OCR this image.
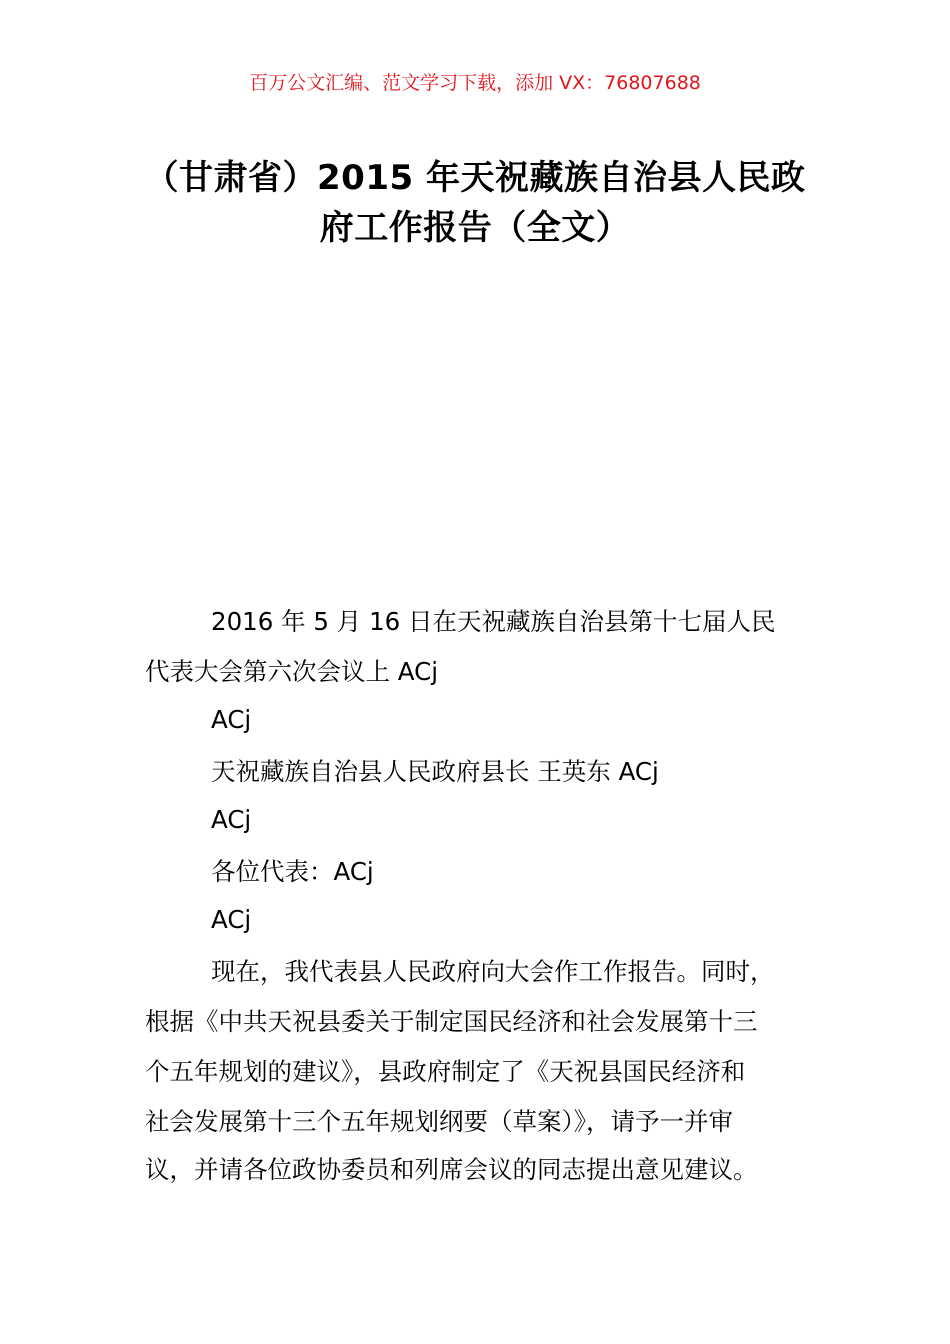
百万公文汇编、范文学习下载，添加 VX：76807688
（甘肃省）2015 年天祝藏族自治县人民政
府工作报告（全文）
2016 年 5 月 16 日在天祝藏族自治县第十七届人民
代表大会第六次会议上 ACj
ACj
天祝藏族自治县人民政府县长 王英东 ACj
ACj
各位代表：ACj
ACj
现在，我代表县人民政府向大会作工作报告。同时，
根据《中共天祝县委关于制定国民经济和社会发展第十三
个五年规划的建议》，县政府制定了《天祝县国民经济和
社会发展第十三个五年规划纲要（草案）》，请予一并审
议，并请各位政协委员和列席会议的同志提出意见建议。
